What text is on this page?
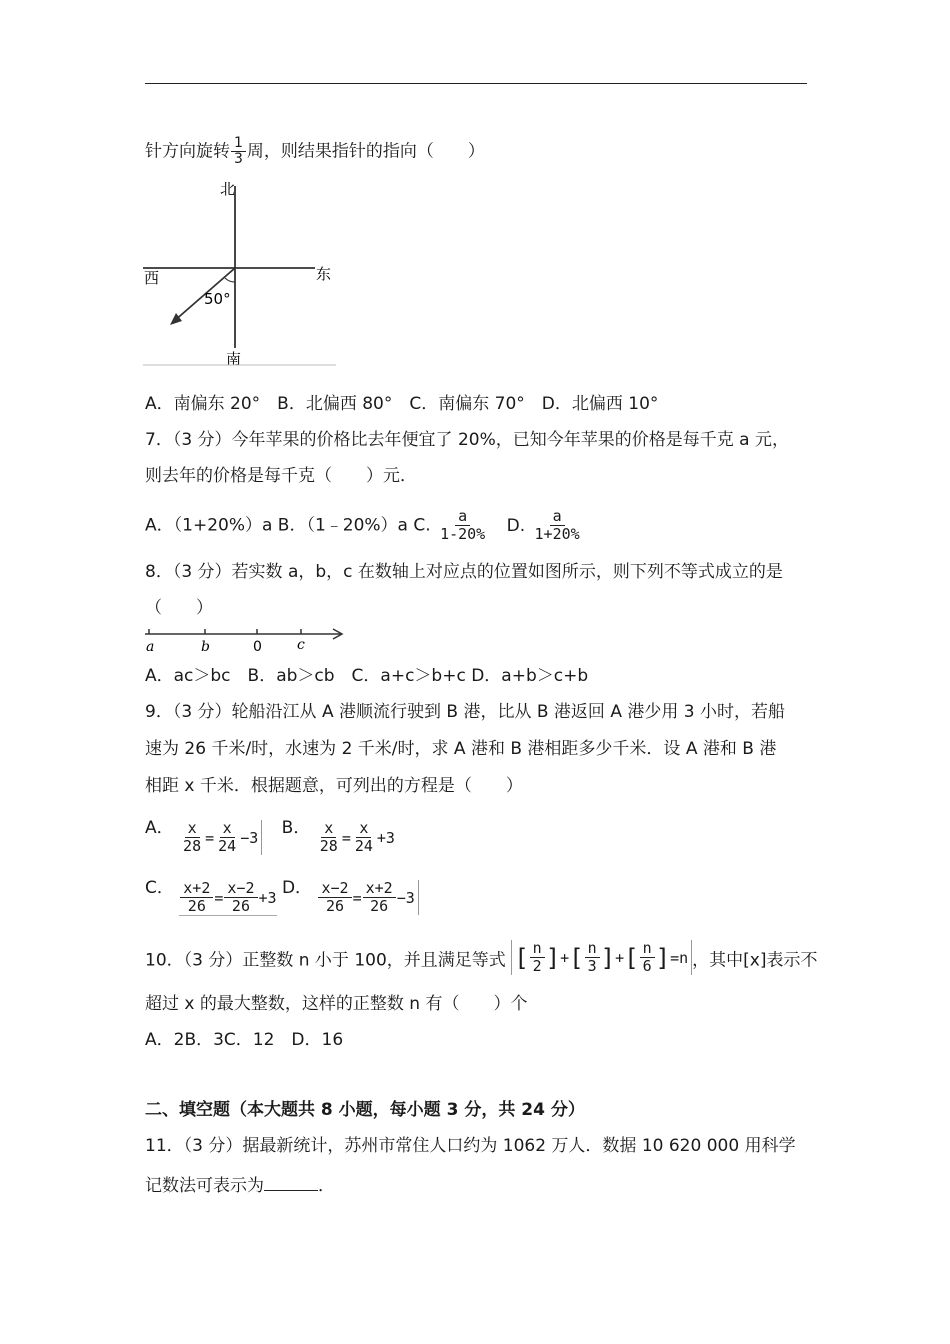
针方向旋转 $\frac{1}{3}$ 周，则结果指针的指向（　　）
北
南
西	东
50°
A．南偏东 20°　B．北偏西 80°　C．南偏东 70°　D．北偏西 10°
7．（3 分）今年苹果的价格比去年便宜了 20%，已知今年苹果的价格是每千克 a 元，
则去年的价格是每千克（　　）元．
A．（1+20%）a B．（1﹣20%）a C. $\frac{a}{1-20\%} D$. $\frac{a}{1+20\%}$
8．（3 分）若实数 a，b，c 在数轴上对应点的位置如图所示，则下列不等式成立的是
（　　）
a	b	0	c
A．ac＞bc　B．ab＞cb　C．a+c＞b+c D．a+b＞c+b
9．（3 分）轮船沿江从 A 港顺流行驶到 B 港，比从 B 港返回 A 港少用 3 小时，若船
速为 26 千米/时，水速为 2 千米/时，求 A 港和 B 港相距多少千米．设 A 港和 B 港
相距 x 千米．根据题意，可列出的方程是（　　）
A． $\frac{x}{28} = \frac{x}{24} -3$ B． $\frac{x}{28} = \frac{x}{24} +3$
C． $\frac{x+2}{26} = \frac{x-2}{26} +3$ D． $\frac{x-2}{26} = \frac{x+2}{26} -3$
10．（3 分）正整数 n 小于 100，并且满足等式 [ $\frac{n}{2}$ ] + [ $\frac{n}{3}$ ] + [ $\frac{n}{6}$ ] =n ，其中[x]表示不
超过 x 的最大整数，这样的正整数 n 有（　　）个
A．2B．3C．12　D．16
二、填空题（本大题共 8 小题，每小题 3 分，共 24 分）
11．（3 分）据最新统计，苏州市常住人口约为 1062 万人．数据 10 620 000 用科学
记数法可表示为	．
